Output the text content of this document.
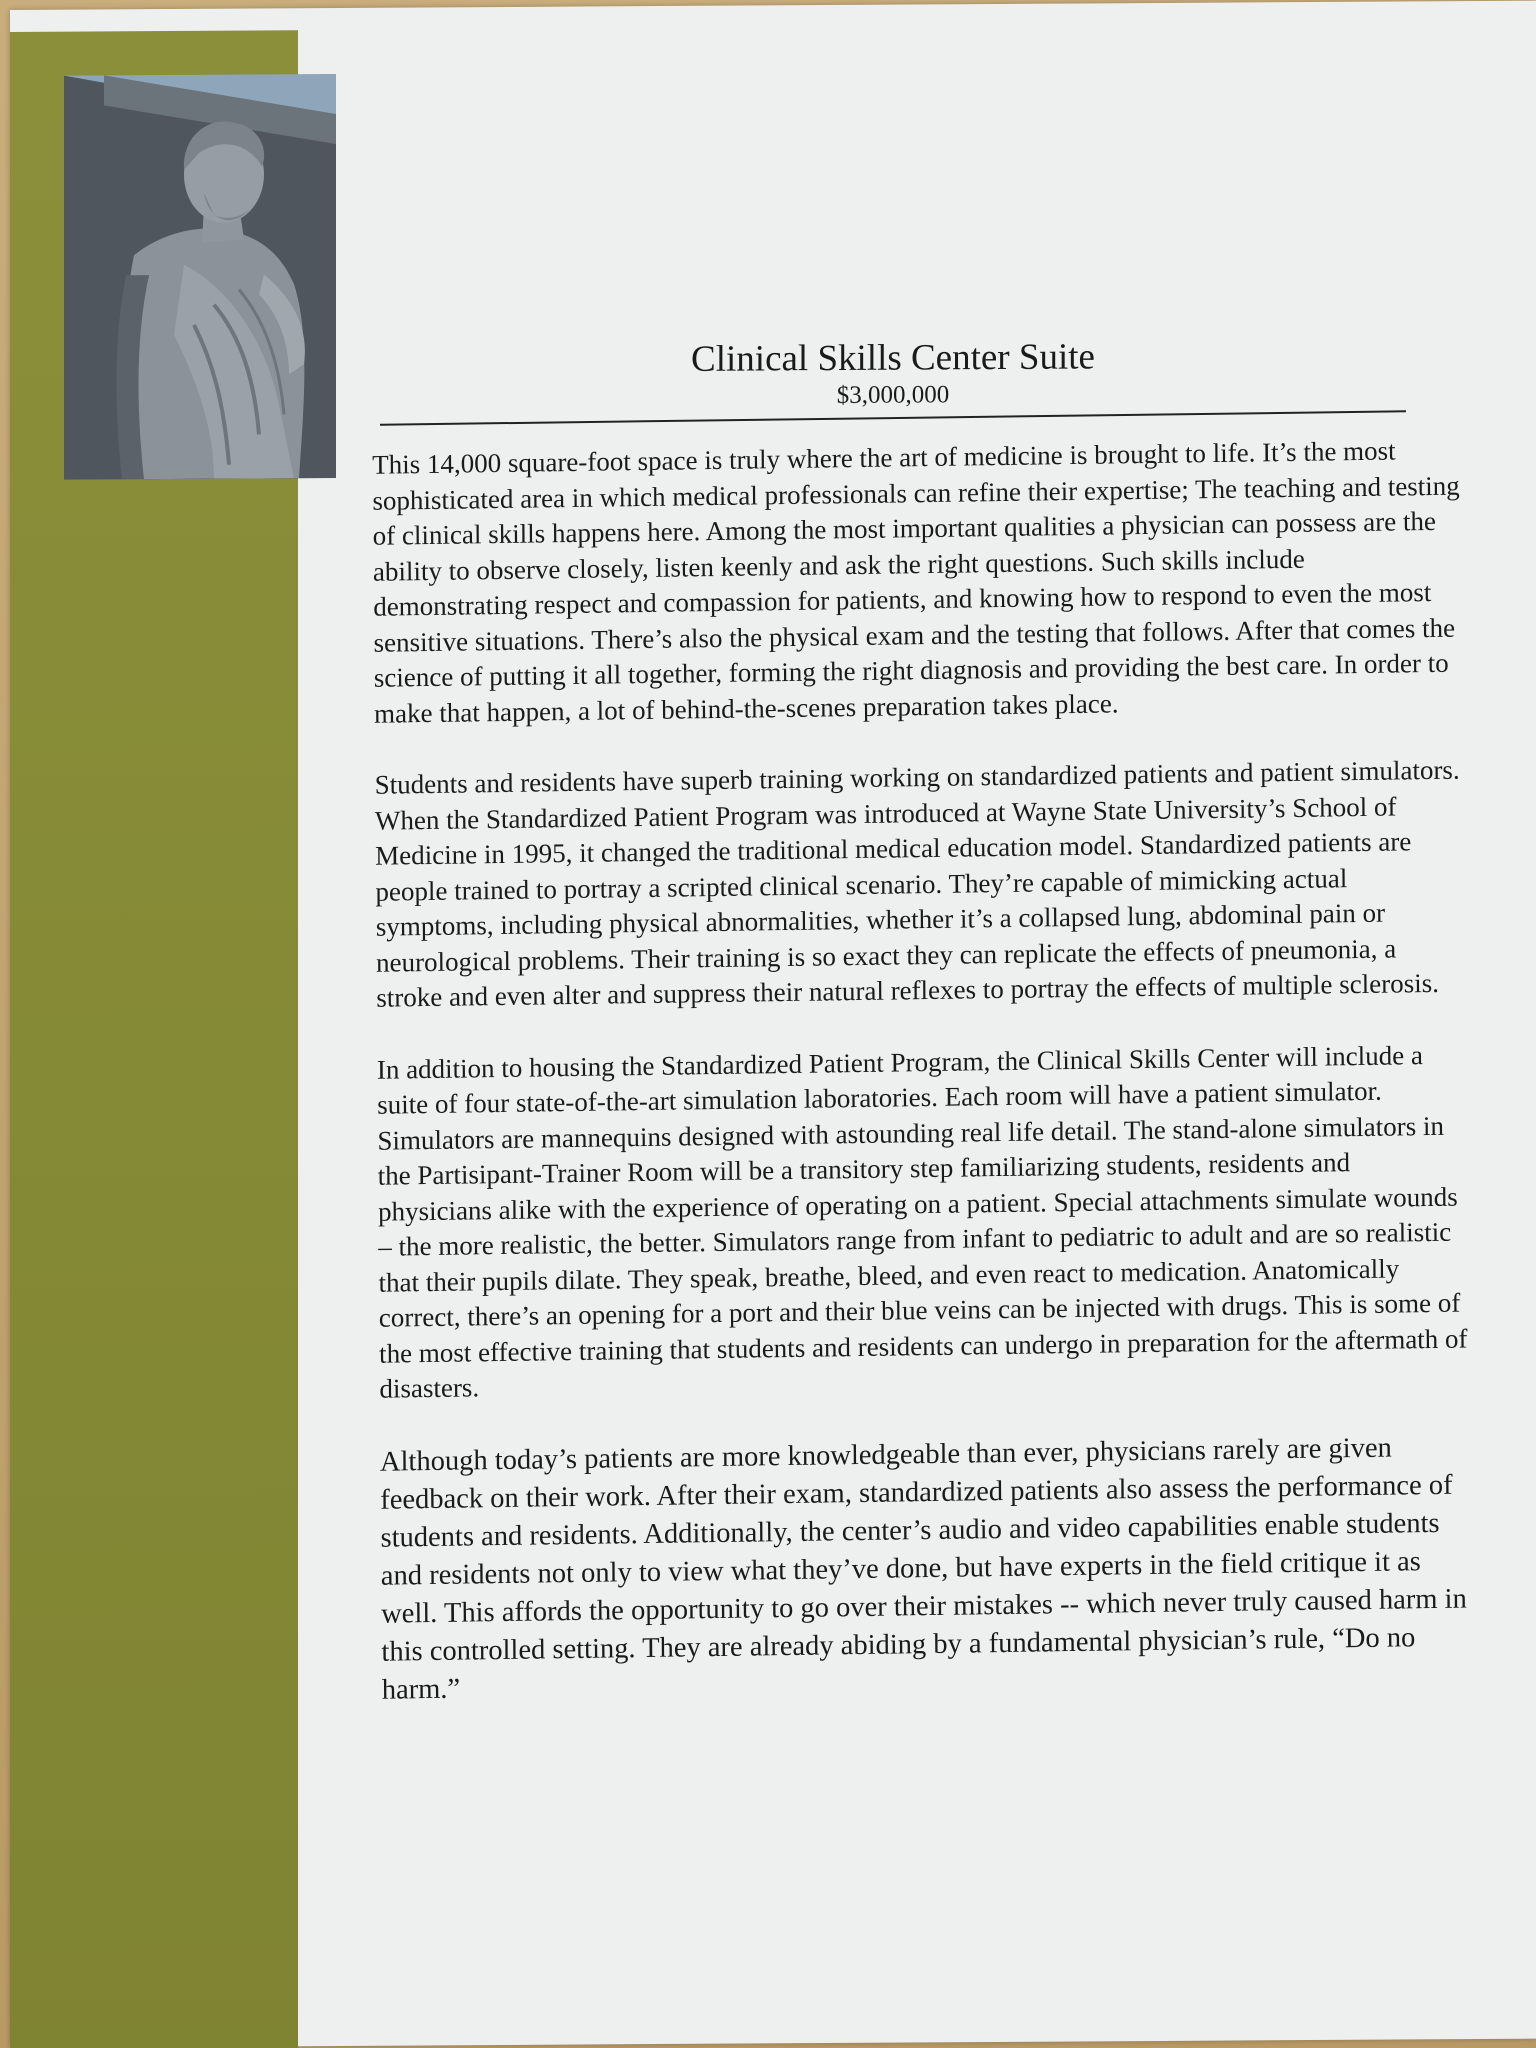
Clinical Skills Center Suite
$3,000,000

This 14,000 square-foot space is truly where the art of medicine is brought to life. It’s the most sophisticated area in which medical professionals can refine their expertise; The teaching and testing of clinical skills happens here. Among the most important qualities a physician can possess are the ability to observe closely, listen keenly and ask the right questions. Such skills include demonstrating respect and compassion for patients, and knowing how to respond to even the most sensitive situations. There’s also the physical exam and the testing that follows. After that comes the science of putting it all together, forming the right diagnosis and providing the best care. In order to make that happen, a lot of behind-the-scenes preparation takes place.

Students and residents have superb training working on standardized patients and patient simulators. When the Standardized Patient Program was introduced at Wayne State University’s School of Medicine in 1995, it changed the traditional medical education model. Standardized patients are people trained to portray a scripted clinical scenario. They’re capable of mimicking actual symptoms, including physical abnormalities, whether it’s a collapsed lung, abdominal pain or neurological problems. Their training is so exact they can replicate the effects of pneumonia, a stroke and even alter and suppress their natural reflexes to portray the effects of multiple sclerosis.

In addition to housing the Standardized Patient Program, the Clinical Skills Center will include a suite of four state-of-the-art simulation laboratories. Each room will have a patient simulator. Simulators are mannequins designed with astounding real life detail. The stand-alone simulators in the Partisipant-Trainer Room will be a transitory step familiarizing students, residents and physicians alike with the experience of operating on a patient. Special attachments simulate wounds – the more realistic, the better. Simulators range from infant to pediatric to adult and are so realistic that their pupils dilate. They speak, breathe, bleed, and even react to medication. Anatomically correct, there’s an opening for a port and their blue veins can be injected with drugs. This is some of the most effective training that students and residents can undergo in preparation for the aftermath of disasters.

Although today’s patients are more knowledgeable than ever, physicians rarely are given feedback on their work. After their exam, standardized patients also assess the performance of students and residents. Additionally, the center’s audio and video capabilities enable students and residents not only to view what they’ve done, but have experts in the field critique it as well. This affords the opportunity to go over their mistakes -- which never truly caused harm in this controlled setting. They are already abiding by a fundamental physician’s rule, “Do no harm.”
